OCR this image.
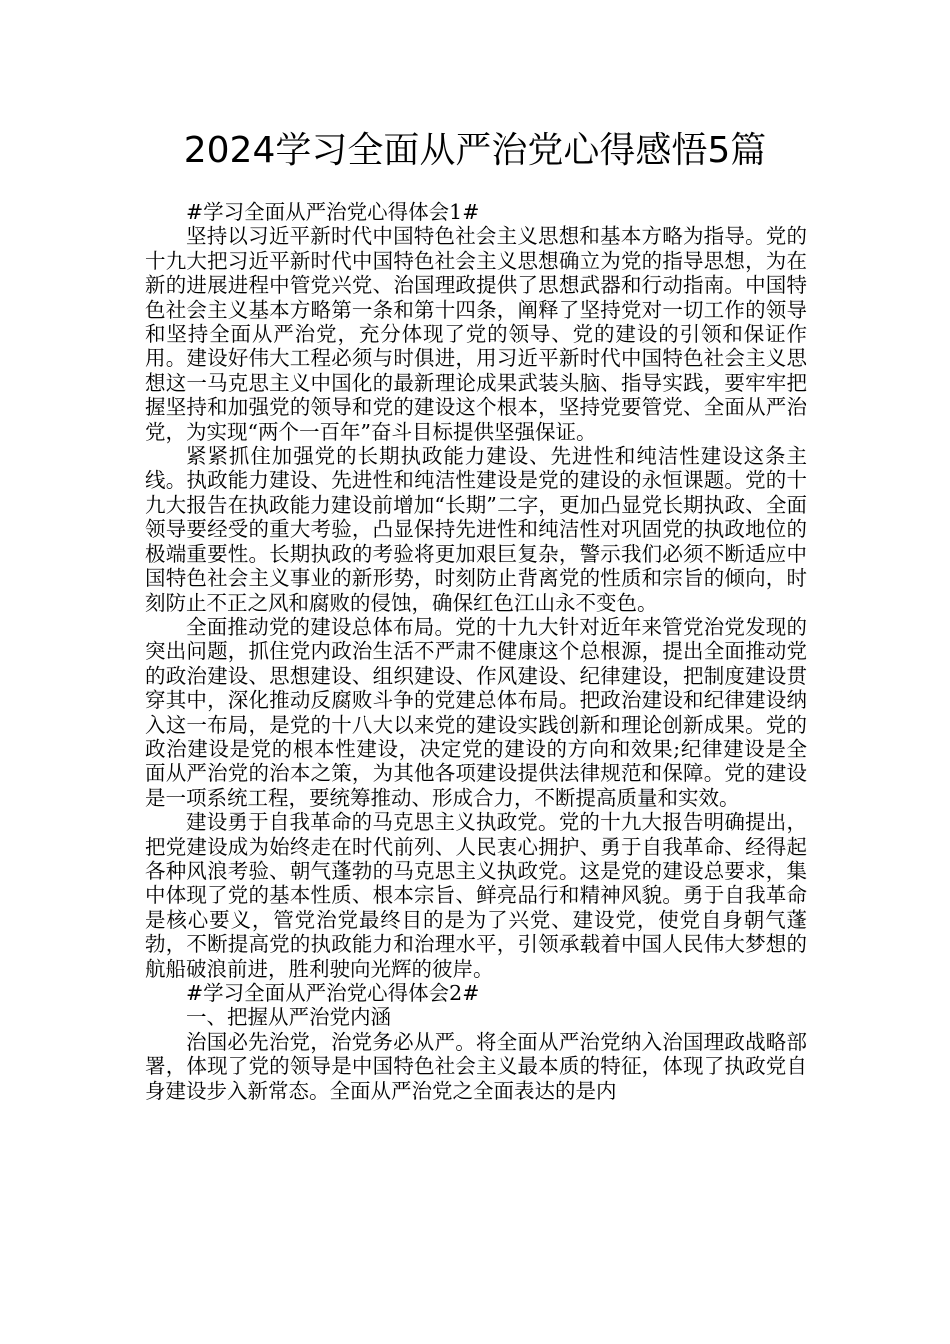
2024学习全面从严治党心得感悟5篇

#学习全面从严治党心得体会1#

坚持以习近平新时代中国特色社会主义思想和基本方略为指导。党的十九大把习近平新时代中国特色社会主义思想确立为党的指导思想，为在新的进展进程中管党兴党、治国理政提供了思想武器和行动指南。中国特色社会主义基本方略第一条和第十四条，阐释了坚持党对一切工作的领导和坚持全面从严治党，充分体现了党的领导、党的建设的引领和保证作用。建设好伟大工程必须与时俱进，用习近平新时代中国特色社会主义思想这一马克思主义中国化的最新理论成果武装头脑、指导实践，要牢牢把握坚持和加强党的领导和党的建设这个根本，坚持党要管党、全面从严治党，为实现“两个一百年”奋斗目标提供坚强保证。

紧紧抓住加强党的长期执政能力建设、先进性和纯洁性建设这条主线。执政能力建设、先进性和纯洁性建设是党的建设的永恒课题。党的十九大报告在执政能力建设前增加“长期”二字，更加凸显党长期执政、全面领导要经受的重大考验，凸显保持先进性和纯洁性对巩固党的执政地位的极端重要性。长期执政的考验将更加艰巨复杂，警示我们必须不断适应中国特色社会主义事业的新形势，时刻防止背离党的性质和宗旨的倾向，时刻防止不正之风和腐败的侵蚀，确保红色江山永不变色。

全面推动党的建设总体布局。党的十九大针对近年来管党治党发现的突出问题，抓住党内政治生活不严肃不健康这个总根源，提出全面推动党的政治建设、思想建设、组织建设、作风建设、纪律建设，把制度建设贯穿其中，深化推动反腐败斗争的党建总体布局。把政治建设和纪律建设纳入这一布局，是党的十八大以来党的建设实践创新和理论创新成果。党的政治建设是党的根本性建设，决定党的建设的方向和效果;纪律建设是全面从严治党的治本之策，为其他各项建设提供法律规范和保障。党的建设是一项系统工程，要统筹推动、形成合力，不断提高质量和实效。

建设勇于自我革命的马克思主义执政党。党的十九大报告明确提出，把党建设成为始终走在时代前列、人民衷心拥护、勇于自我革命、经得起各种风浪考验、朝气蓬勃的马克思主义执政党。这是党的建设总要求，集中体现了党的基本性质、根本宗旨、鲜亮品行和精神风貌。勇于自我革命是核心要义，管党治党最终目的是为了兴党、建设党，使党自身朝气蓬勃，不断提高党的执政能力和治理水平，引领承载着中国人民伟大梦想的航船破浪前进，胜利驶向光辉的彼岸。

#学习全面从严治党心得体会2#

一、把握从严治党内涵

治国必先治党，治党务必从严。将全面从严治党纳入治国理政战略部署，体现了党的领导是中国特色社会主义最本质的特征，体现了执政党自身建设步入新常态。全面从严治党之全面表达的是内
